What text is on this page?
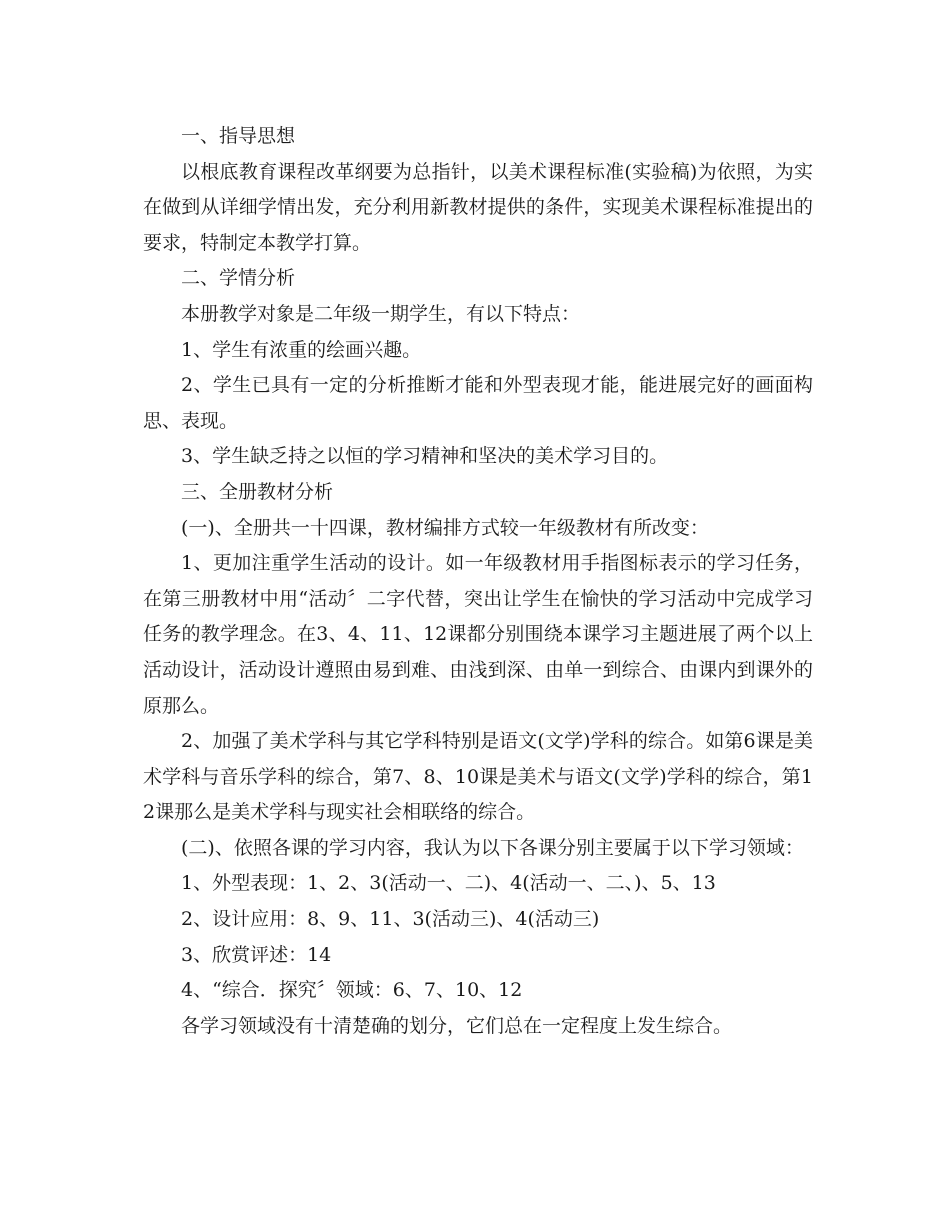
一、指导思想

以根底教育课程改革纲要为总指针，以美术课程标准(实验稿)为依照，为实在做到从详细学情出发，充分利用新教材提供的条件，实现美术课程标准提出的要求，特制定本教学打算。

二、学情分析

本册教学对象是二年级一期学生，有以下特点：

1、学生有浓重的绘画兴趣。

2、学生已具有一定的分析推断才能和外型表现才能，能进展完好的画面构思、表现。

3、学生缺乏持之以恒的学习精神和坚决的美术学习目的。

三、全册教材分析

(一)、全册共一十四课，教材编排方式较一年级教材有所改变：

1、更加注重学生活动的设计。如一年级教材用手指图标表示的学习任务，在第三册教材中用“活动〞二字代替，突出让学生在愉快的学习活动中完成学习任务的教学理念。在3、4、11、12课都分别围绕本课学习主题进展了两个以上活动设计，活动设计遵照由易到难、由浅到深、由单一到综合、由课内到课外的原那么。

2、加强了美术学科与其它学科特别是语文(文学)学科的综合。如第6课是美术学科与音乐学科的综合，第7、8、10课是美术与语文(文学)学科的综合，第12课那么是美术学科与现实社会相联络的综合。

(二)、依照各课的学习内容，我认为以下各课分别主要属于以下学习领域：

1、外型表现：1、2、3(活动一、二)、4(活动一、二、)、5、13

2、设计应用：8、9、11、3(活动三)、4(活动三)

3、欣赏评述：14

4、“综合．探究〞领域：6、7、10、12

各学习领域没有十清楚确的划分，它们总在一定程度上发生综合。
